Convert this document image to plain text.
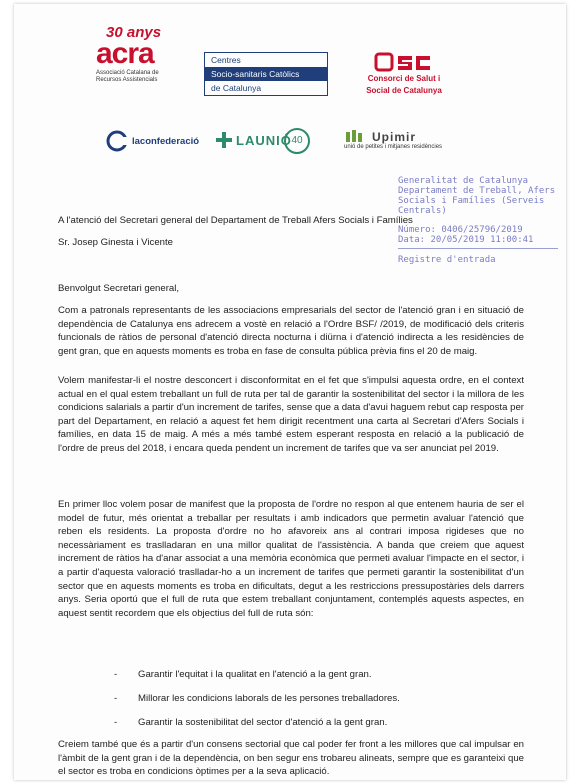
30 anys
acra
Associació Catalana de
Recursos Assistencials
Centres
Socio-sanitaris Catòlics
de Catalunya
Consorci de Salut i
Social de Catalunya
laconfederació	LAUNIÓ 40	Upimir
unió de petites i mitjanes residències
Generalitat de Catalunya
Departament de Treball, Afers
Socials i Famílies (Serveis
Centrals)
Número: 0406/25796/2019
Data: 20/05/2019 11:00:41
Registre d'entrada
A l'atenció del Secretari general del Departament de Treball Afers Socials i Famílies
Sr. Josep Ginesta i Vicente
Benvolgut Secretari general,
Com a patronals representants de les associacions empresarials del sector de l'atenció gran i en situació de dependència de Catalunya ens adrecem a vostè en relació a l'Ordre BSF/ /2019, de modificació dels criteris funcionals de ràtios de personal d'atenció directa nocturna i diürna i d'atenció indirecta a les residències de gent gran, que en aquests moments es troba en fase de consulta pública prèvia fins el 20 de maig.
Volem manifestar-li el nostre desconcert i disconformitat en el fet que s'impulsi aquesta ordre, en el context actual en el qual estem treballant un full de ruta per tal de garantir la sostenibilitat del sector i la millora de les condicions salarials a partir d'un increment de tarifes, sense que a data d'avui haguem rebut cap resposta per part del Departament, en relació a aquest fet hem dirigit recentment una carta al Secretari d'Afers Socials i famílies, en data 15 de maig. A més a més també estem esperant resposta en relació a la publicació de l'ordre de preus del 2018, i encara queda pendent un increment de tarifes que va ser anunciat pel 2019.
En primer lloc volem posar de manifest que la proposta de l'ordre no respon al que entenem hauria de ser el model de futur, més orientat a treballar per resultats i amb indicadors que permetin avaluar l'atenció que reben els residents. La proposta d'ordre no ho afavoreix ans al contrari imposa rigideses que no necessàriament es traslladaran en una millor qualitat de l'assistència. A banda que creiem que aquest increment de ràtios ha d'anar associat a una memòria econòmica que permeti avaluar l'impacte en el sector, i a partir d'aquesta valoració traslladar-ho a un increment de tarifes que permeti garantir la sostenibilitat d'un sector que en aquests moments es troba en dificultats, degut a les restriccions pressupostàries dels darrers anys. Seria oportú que el full de ruta que estem treballant conjuntament, contemplés aquests aspectes, en aquest sentit recordem que els objectius del full de ruta són:
- Garantir l'equitat i la qualitat en l'atenció a la gent gran.
- Millorar les condicions laborals de les persones treballadores.
- Garantir la sostenibilitat del sector d'atenció a la gent gran.
Creiem també que és a partir d'un consens sectorial que cal poder fer front a les millores que cal impulsar en l'àmbit de la gent gran i de la dependència, on ben segur ens trobareu alineats, sempre que es garanteixi que el sector es troba en condicions òptimes per a la seva aplicació.
